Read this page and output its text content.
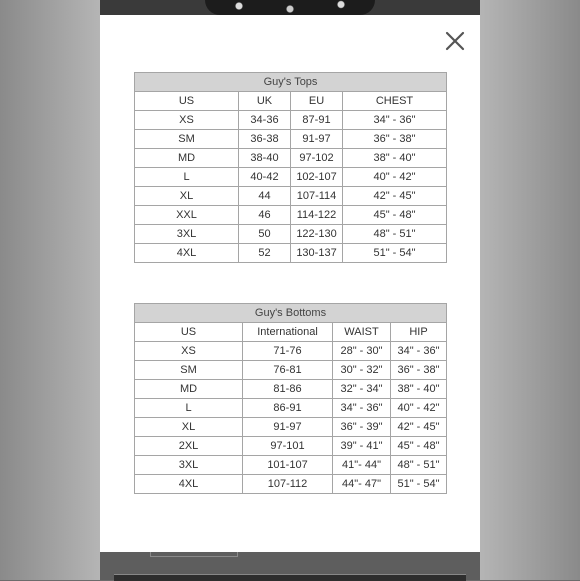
Guy's Tops			
US	UK	EU	CHEST
XS	34-36	87-91	34" - 36"
SM	36-38	91-97	36" - 38"
MD	38-40	97-102	38" - 40"
L	40-42	102-107	40" - 42"
XL	44	107-114	42" - 45"
XXL	46	114-122	45" - 48"
3XL	50	122-130	48" - 51"
4XL	52	130-137	51" - 54"
Guy's Bottoms			
US	International	WAIST	HIP
XS	71-76	28" - 30"	34" - 36"
SM	76-81	30" - 32"	36" - 38"
MD	81-86	32" - 34"	38" - 40"
L	86-91	34" - 36"	40" - 42"
XL	91-97	36" - 39"	42" - 45"
2XL	97-101	39" - 41"	45" - 48"
3XL	101-107	41"- 44"	48" - 51"
4XL	107-112	44"- 47"	51" - 54"
